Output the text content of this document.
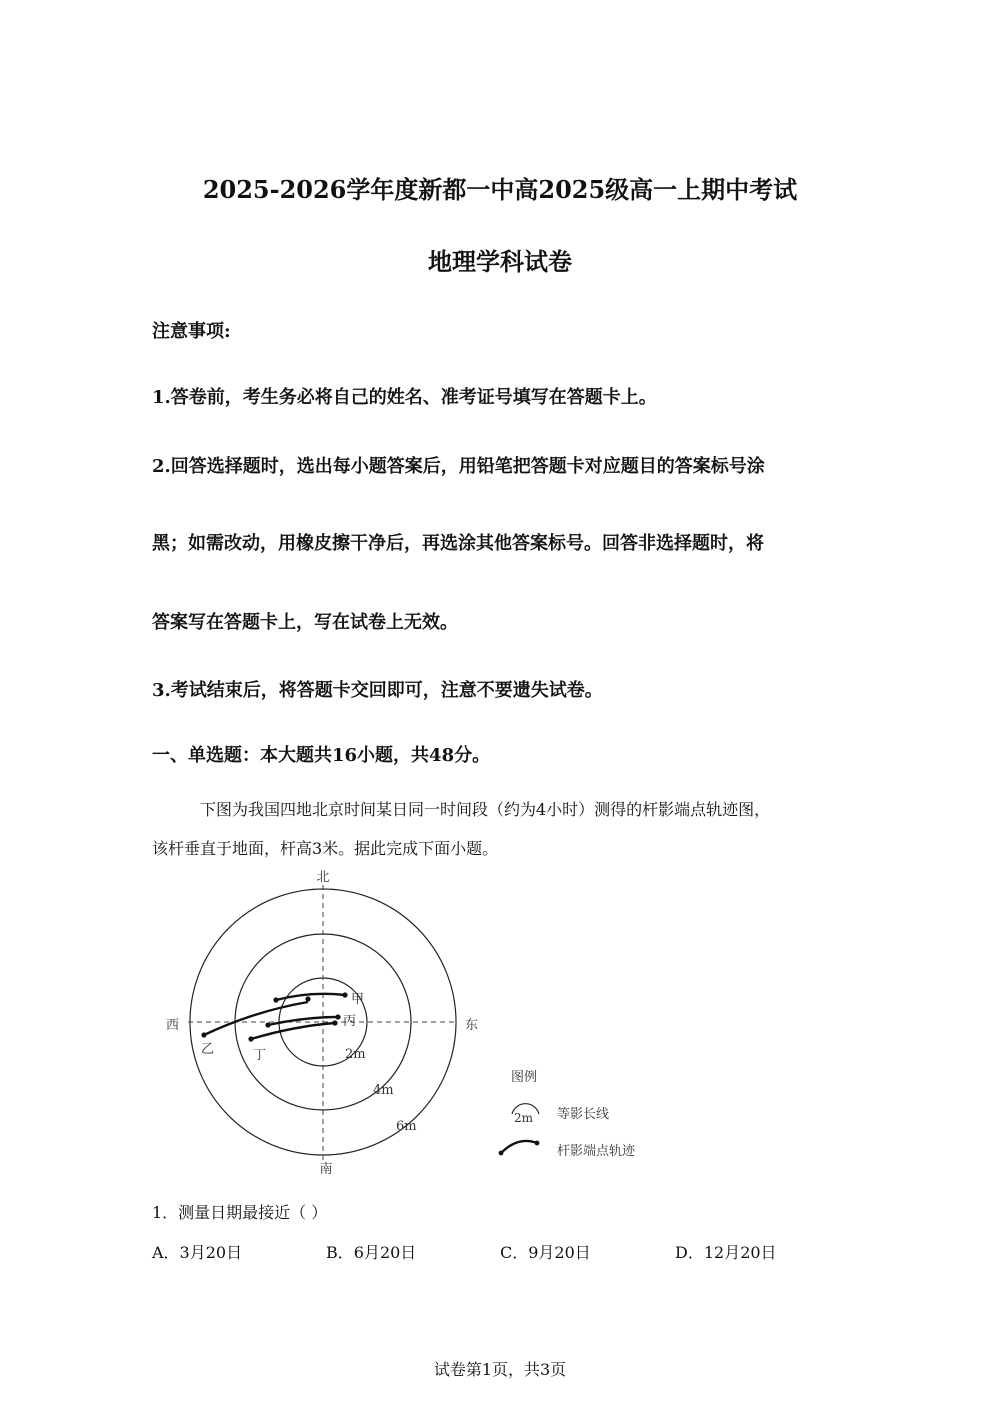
2025-2026学年度新都一中高2025级高一上期中考试
地理学科试卷
注意事项:
1.答卷前，考生务必将自己的姓名、准考证号填写在答题卡上。
2.回答选择题时，选出每小题答案后，用铅笔把答题卡对应题目的答案标号涂
黑；如需改动，用橡皮擦干净后，再选涂其他答案标号。回答非选择题时，将
答案写在答题卡上，写在试卷上无效。
3.考试结束后，将答题卡交回即可，注意不要遗失试卷。
一、单选题：本大题共16小题，共48分。
下图为我国四地北京时间某日同一时间段（约为4小时）测得的杆影端点轨迹图，
该杆垂直于地面，杆高3米。据此完成下面小题。
北
南
东
西
2m
4m
6m
甲
丙
乙	丁
图例
2m 等影长线
杆影端点轨迹
1．测量日期最接近（ ）
A．3月20日	B．6月20日	C．9月20日	D．12月20日
试卷第1页，共3页
